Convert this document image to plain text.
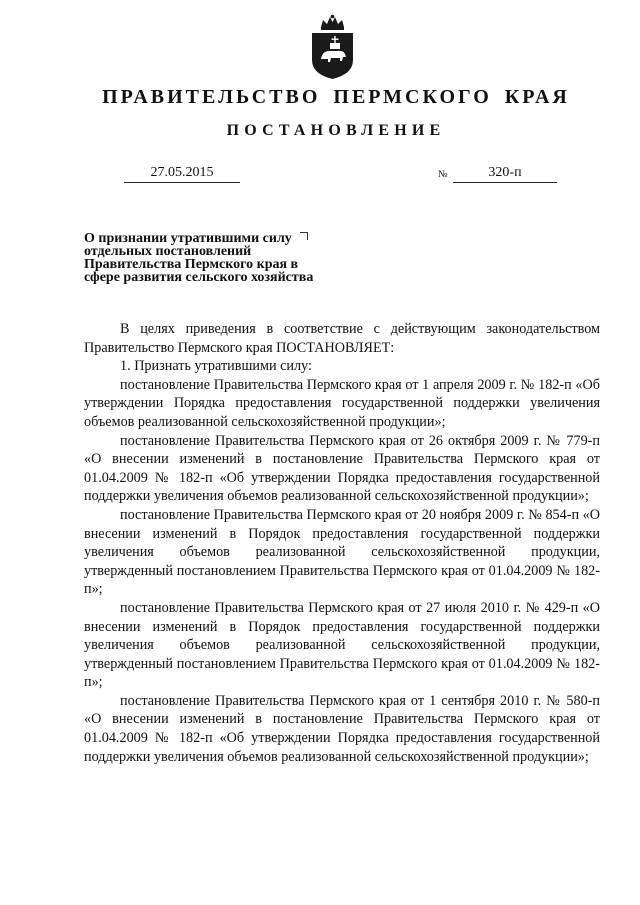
ПРАВИТЕЛЬСТВО ПЕРМСКОГО КРАЯ
ПОСТАНОВЛЕНИЕ
27.05.2015	№	320-п
О признании утратившими силу отдельных постановлений Правительства Пермского края в сфере развития сельского хозяйства

В целях приведения в соответствие с действующим законодательством Правительство Пермского края ПОСТАНОВЛЯЕТ:

1. Признать утратившими силу:

постановление Правительства Пермского края от 1 апреля 2009 г. № 182-п «Об утверждении Порядка предоставления государственной поддержки увеличения объемов реализованной сельскохозяйственной продукции»;

постановление Правительства Пермского края от 26 октября 2009 г. № 779-п «О внесении изменений в постановление Правительства Пермского края от 01.04.2009 № 182-п «Об утверждении Порядка предоставления государственной поддержки увеличения объемов реализованной сельскохозяйственной продукции»;

постановление Правительства Пермского края от 20 ноября 2009 г. № 854-п «О внесении изменений в Порядок предоставления государственной поддержки увеличения объемов реализованной сельскохозяйственной продукции, утвержденный постановлением Правительства Пермского края от 01.04.2009 № 182-п»;

постановление Правительства Пермского края от 27 июля 2010 г. № 429-п «О внесении изменений в Порядок предоставления государственной поддержки увеличения объемов реализованной сельскохозяйственной продукции, утвержденный постановлением Правительства Пермского края от 01.04.2009 № 182-п»;

постановление Правительства Пермского края от 1 сентября 2010 г. № 580-п «О внесении изменений в постановление Правительства Пермского края от 01.04.2009 № 182-п «Об утверждении Порядка предоставления государственной поддержки увеличения объемов реализованной сельскохозяйственной продукции»;
